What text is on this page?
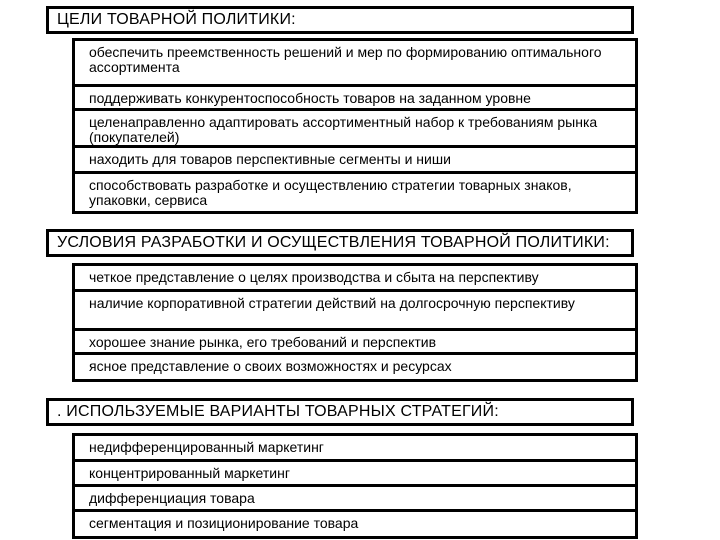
ЦЕЛИ ТОВАРНОЙ ПОЛИТИКИ:
обеспечить преемственность решений и мер по формированию оптимального ассортимента
поддерживать конкурентоспособность товаров на заданном уровне
целенаправленно адаптировать ассортиментный набор к требованиям рынка (покупателей)
находить для товаров перспективные сегменты и ниши
способствовать разработке и осуществлению стратегии товарных знаков, упаковки, сервиса
УСЛОВИЯ РАЗРАБОТКИ И ОСУЩЕСТВЛЕНИЯ ТОВАРНОЙ ПОЛИТИКИ:
четкое представление о целях производства и сбыта на перспективу
наличие корпоративной стратегии действий на долгосрочную перспективу
хорошее знание рынка, его требований и перспектив
ясное представление о своих возможностях и ресурсах
. ИСПОЛЬЗУЕМЫЕ ВАРИАНТЫ ТОВАРНЫХ СТРАТЕГИЙ:
недифференцированный маркетинг
концентрированный маркетинг
дифференциация товара
сегментация и позиционирование товара
